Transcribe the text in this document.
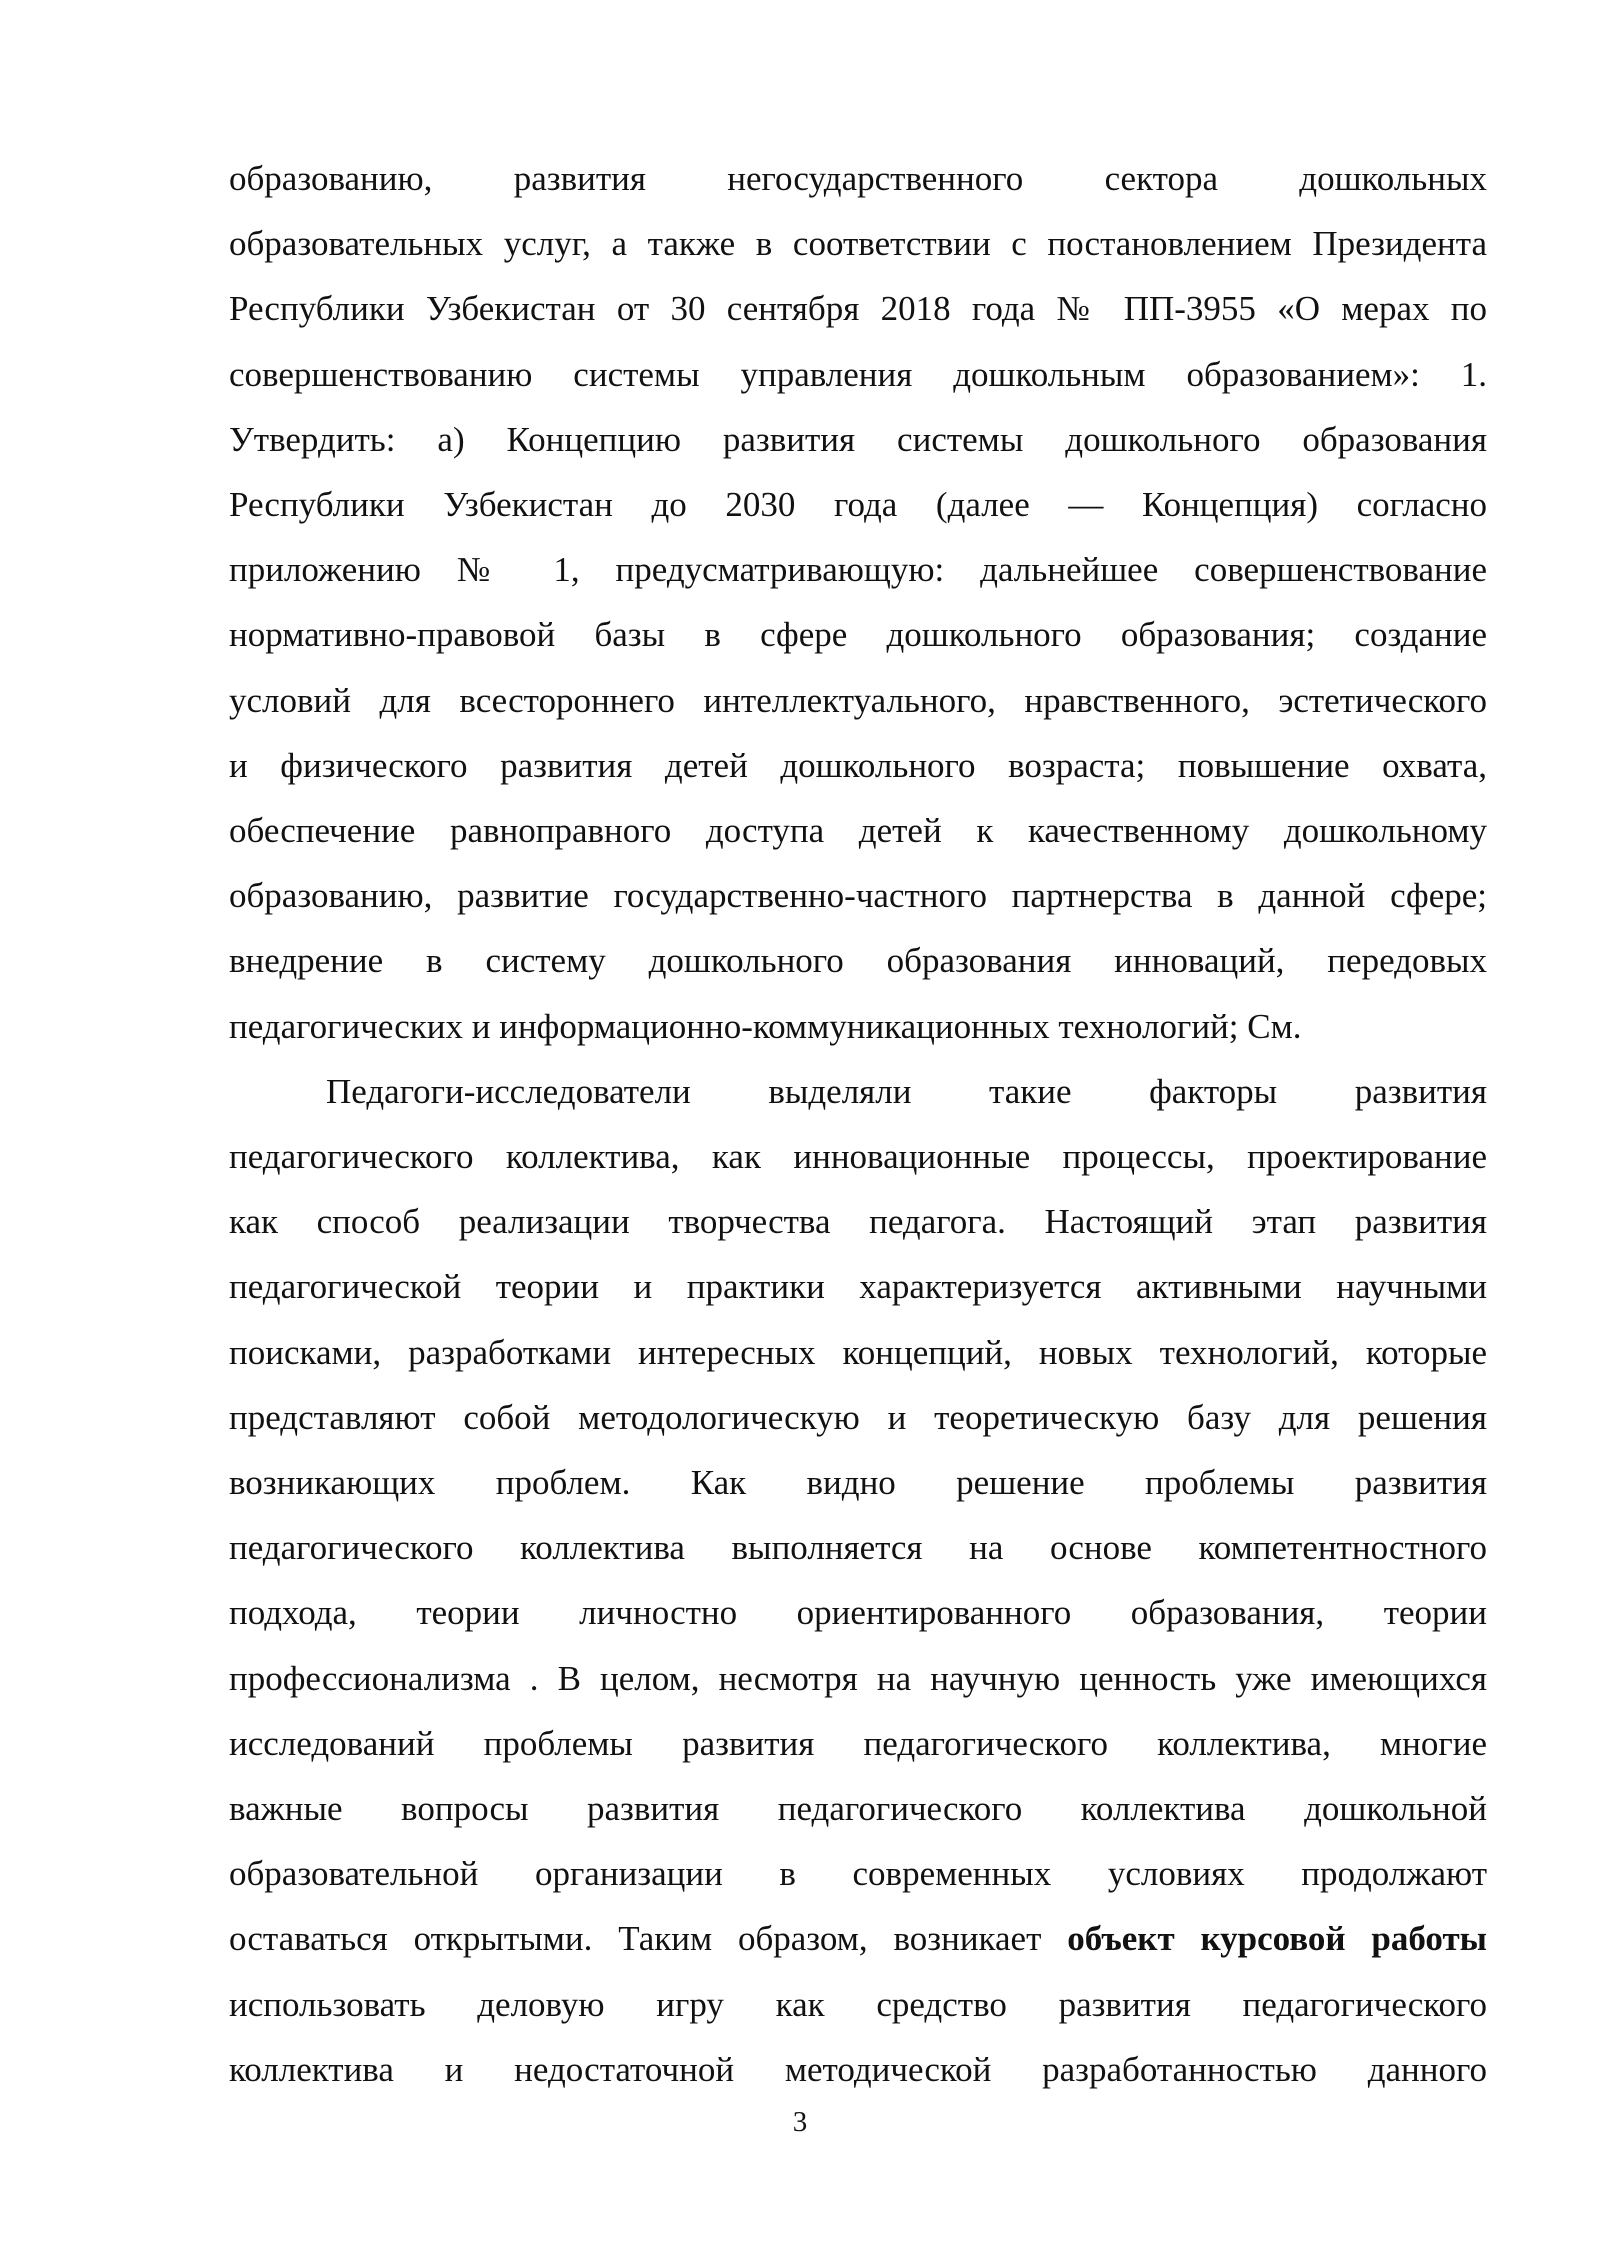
образованию, развития негосударственного сектора дошкольных
образовательных услуг, а также в соответствии с постановлением Президента
Республики Узбекистан от 30 сентября 2018 года № ПП-3955 «О мерах по
совершенствованию системы управления дошкольным образованием»: 1.
Утвердить: а) Концепцию развития системы дошкольного образования
Республики Узбекистан до 2030 года (далее — Концепция) согласно
приложению № 1, предусматривающую: дальнейшее совершенствование
нормативно-правовой базы в сфере дошкольного образования; создание
условий для всестороннего интеллектуального, нравственного, эстетического
и физического развития детей дошкольного возраста; повышение охвата,
обеспечение равноправного доступа детей к качественному дошкольному
образованию, развитие государственно-частного партнерства в данной сфере;
внедрение в систему дошкольного образования инноваций, передовых
педагогических и информационно-коммуникационных технологий; См.
Педагоги-исследователи выделяли такие факторы развития
педагогического коллектива, как инновационные процессы, проектирование
как способ реализации творчества педагога. Настоящий этап развития
педагогической теории и практики характеризуется активными научными
поисками, разработками интересных концепций, новых технологий, которые
представляют собой методологическую и теоретическую базу для решения
возникающих проблем. Как видно решение проблемы развития
педагогического коллектива выполняется на основе компетентностного
подхода, теории личностно ориентированного образования, теории
профессионализма . В целом, несмотря на научную ценность уже имеющихся
исследований проблемы развития педагогического коллектива, многие
важные вопросы развития педагогического коллектива дошкольной
образовательной организации в современных условиях продолжают
оставаться открытыми. Таким образом, возникает объект курсовой работы
использовать деловую игру как средство развития педагогического
коллектива и недостаточной методической разработанностью данного
3
